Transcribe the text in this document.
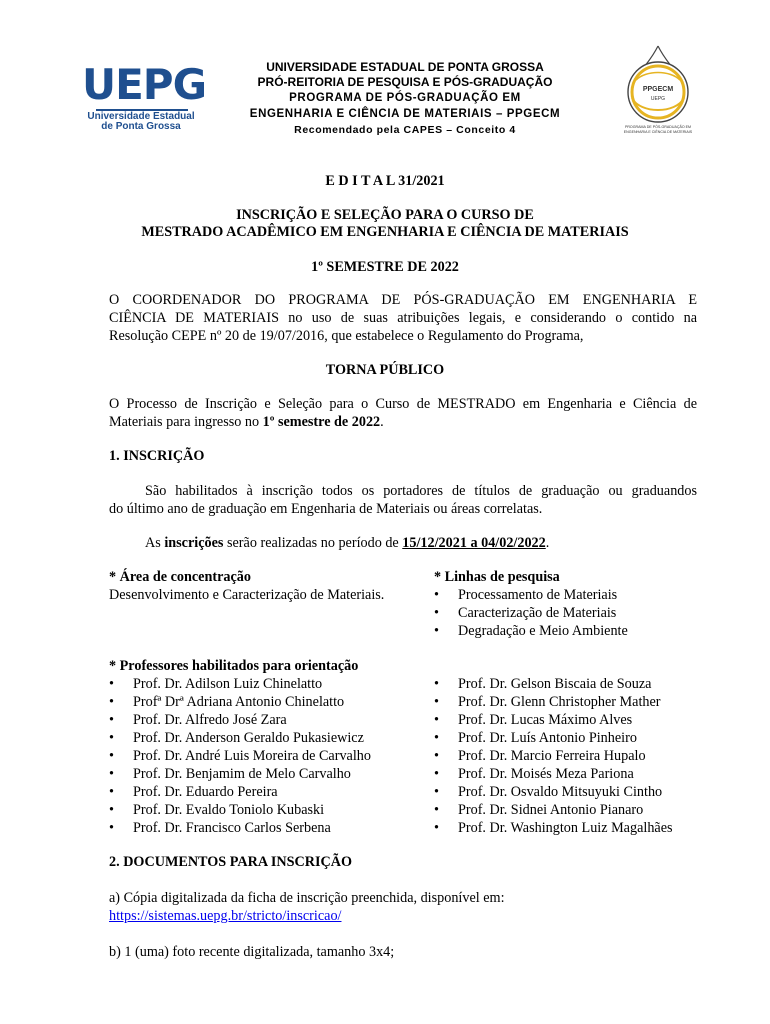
UEPG
Universidade Estadual
de Ponta Grossa
UNIVERSIDADE ESTADUAL DE PONTA GROSSA
PRÓ-REITORIA DE PESQUISA E PÓS-GRADUAÇÃO
PROGRAMA DE PÓS-GRADUAÇÃO EM
ENGENHARIA E CIÊNCIA DE MATERIAIS – PPGECM
Recomendado pela CAPES – Conceito 4
PPGECM
UEPG
PROGRAMA DE PÓS-GRADUAÇÃO EM
ENGENHARIA E CIÊNCIA DE MATERIAIS
E D I T A L 31/2021
INSCRIÇÃO E SELEÇÃO PARA O CURSO DE
MESTRADO ACADÊMICO EM ENGENHARIA E CIÊNCIA DE MATERIAIS
1º SEMESTRE DE 2022
O COORDENADOR DO PROGRAMA DE PÓS-GRADUAÇÃO EM ENGENHARIA E
CIÊNCIA DE MATERIAIS no uso de suas atribuições legais, e considerando o contido na
Resolução CEPE nº 20 de 19/07/2016, que estabelece o Regulamento do Programa,
TORNA PÚBLICO
O Processo de Inscrição e Seleção para o Curso de MESTRADO em Engenharia e Ciência de
Materiais para ingresso no 1º semestre de 2022.
1. INSCRIÇÃO
São habilitados à inscrição todos os portadores de títulos de graduação ou graduandos
do último ano de graduação em Engenharia de Materiais ou áreas correlatas.
As inscrições serão realizadas no período de 15/12/2021 a 04/02/2022.
* Área de concentração
Desenvolvimento e Caracterização de Materiais.
* Linhas de pesquisa
• Processamento de Materiais
• Caracterização de Materiais
• Degradação e Meio Ambiente
* Professores habilitados para orientação
• Prof. Dr. Adilson Luiz Chinelatto
• Profª Drª Adriana Antonio Chinelatto
• Prof. Dr. Alfredo José Zara
• Prof. Dr. Anderson Geraldo Pukasiewicz
• Prof. Dr. André Luis Moreira de Carvalho
• Prof. Dr. Benjamim de Melo Carvalho
• Prof. Dr. Eduardo Pereira
• Prof. Dr. Evaldo Toniolo Kubaski
• Prof. Dr. Francisco Carlos Serbena
• Prof. Dr. Gelson Biscaia de Souza
• Prof. Dr. Glenn Christopher Mather
• Prof. Dr. Lucas Máximo Alves
• Prof. Dr. Luís Antonio Pinheiro
• Prof. Dr. Marcio Ferreira Hupalo
• Prof. Dr. Moisés Meza Pariona
• Prof. Dr. Osvaldo Mitsuyuki Cintho
• Prof. Dr. Sidnei Antonio Pianaro
• Prof. Dr. Washington Luiz Magalhães
2. DOCUMENTOS PARA INSCRIÇÃO
a) Cópia digitalizada da ficha de inscrição preenchida, disponível em:
https://sistemas.uepg.br/stricto/inscricao/
b) 1 (uma) foto recente digitalizada, tamanho 3x4;
